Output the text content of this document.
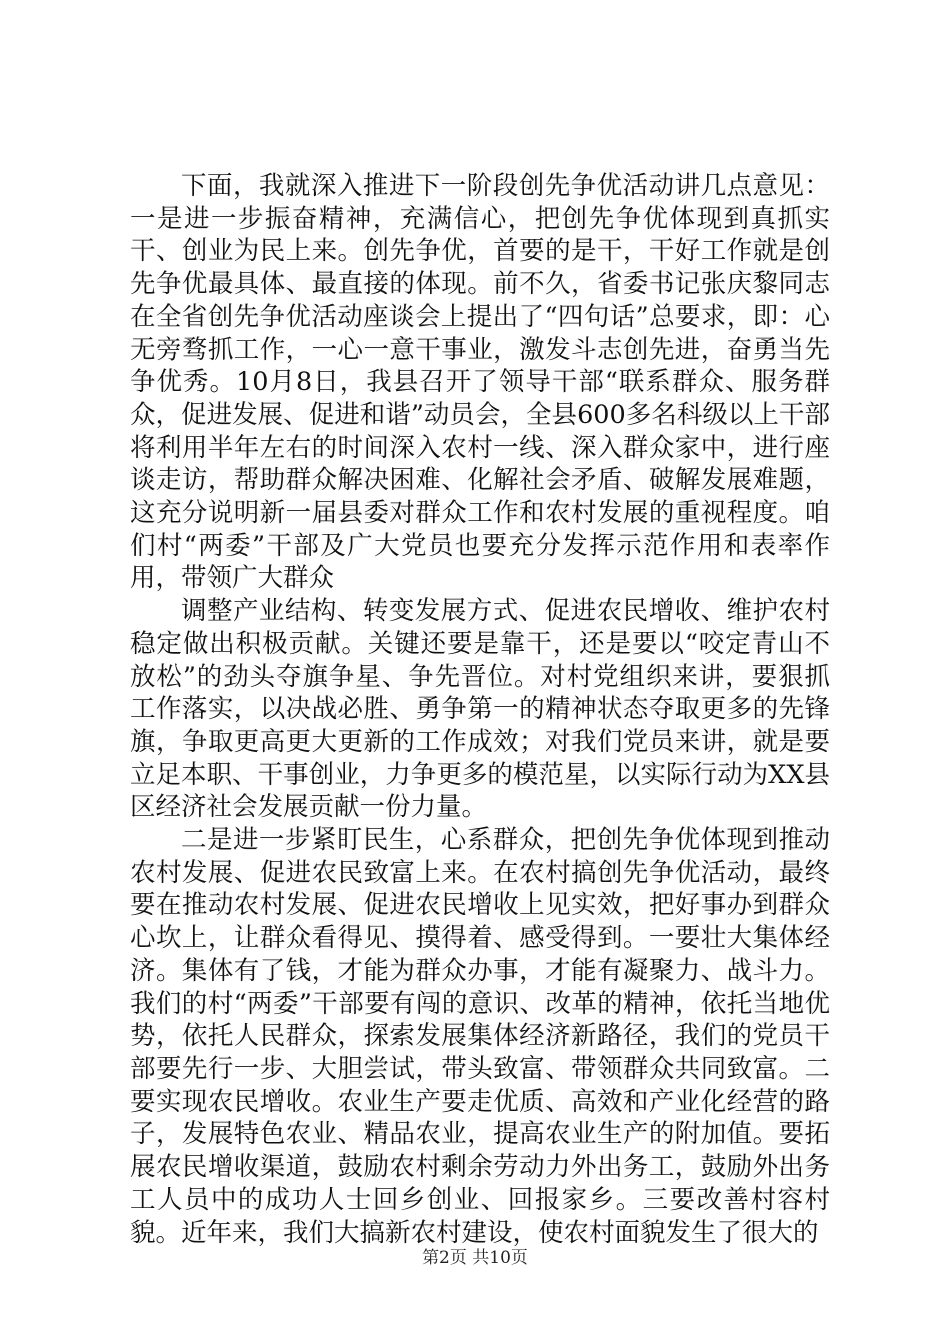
下面，我就深入推进下一阶段创先争优活动讲几点意见：一是进一步振奋精神，充满信心，把创先争优体现到真抓实干、创业为民上来。创先争优，首要的是干，干好工作就是创先争优最具体、最直接的体现。前不久，省委书记张庆黎同志在全省创先争优活动座谈会上提出了“四句话”总要求，即：心无旁骛抓工作，一心一意干事业，激发斗志创先进，奋勇当先争优秀。10月8日，我县召开了领导干部“联系群众、服务群众，促进发展、促进和谐”动员会，全县600多名科级以上干部将利用半年左右的时间深入农村一线、深入群众家中，进行座谈走访，帮助群众解决困难、化解社会矛盾、破解发展难题，这充分说明新一届县委对群众工作和农村发展的重视程度。咱们村“两委”干部及广大党员也要充分发挥示范作用和表率作用，带领广大群众

调整产业结构、转变发展方式、促进农民增收、维护农村稳定做出积极贡献。关键还要是靠干，还是要以“咬定青山不放松”的劲头夺旗争星、争先晋位。对村党组织来讲，要狠抓工作落实，以决战必胜、勇争第一的精神状态夺取更多的先锋旗，争取更高更大更新的工作成效；对我们党员来讲，就是要立足本职、干事创业，力争更多的模范星，以实际行动为XX县区经济社会发展贡献一份力量。

二是进一步紧盯民生，心系群众，把创先争优体现到推动农村发展、促进农民致富上来。在农村搞创先争优活动，最终要在推动农村发展、促进农民增收上见实效，把好事办到群众心坎上，让群众看得见、摸得着、感受得到。一要壮大集体经济。集体有了钱，才能为群众办事，才能有凝聚力、战斗力。我们的村“两委”干部要有闯的意识、改革的精神，依托当地优势，依托人民群众，探索发展集体经济新路径，我们的党员干部要先行一步、大胆尝试，带头致富、带领群众共同致富。二要实现农民增收。农业生产要走优质、高效和产业化经营的路子，发展特色农业、精品农业，提高农业生产的附加值。要拓展农民增收渠道，鼓励农村剩余劳动力外出务工，鼓励外出务工人员中的成功人士回乡创业、回报家乡。三要改善村容村貌。近年来，我们大搞新农村建设，使农村面貌发生了很大的

第2页 共10页
